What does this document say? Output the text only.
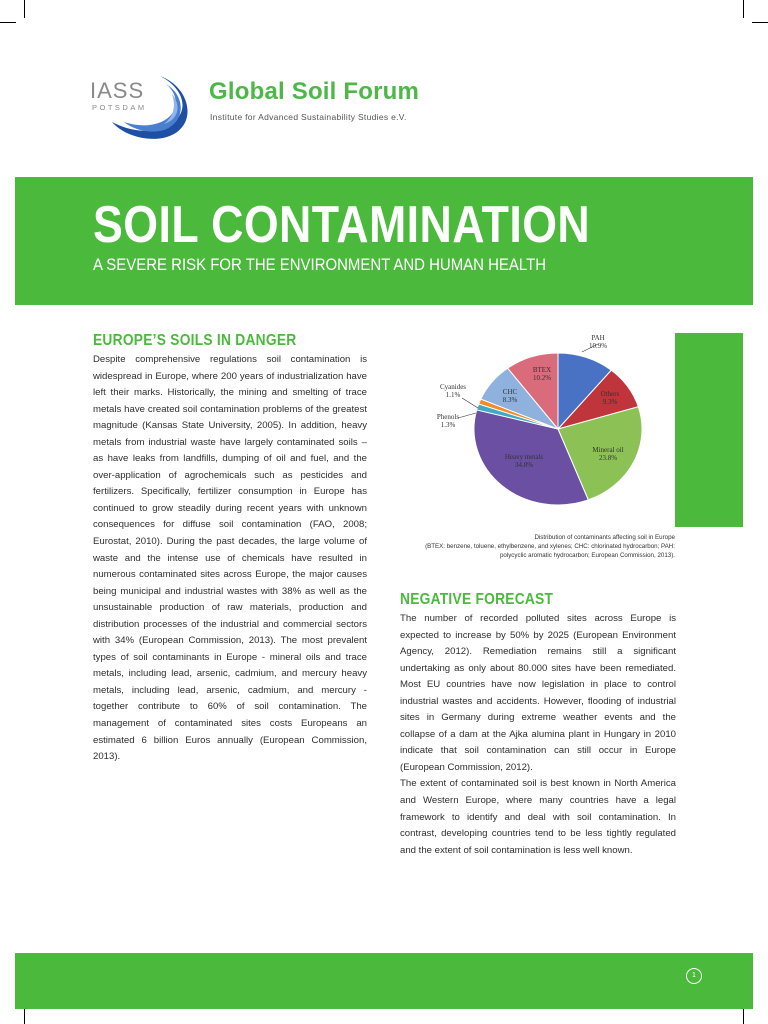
IASS
POTSDAM
Global Soil Forum
Institute for Advanced Sustainability Studies e.V.
SOIL CONTAMINATION
A SEVERE RISK FOR THE ENVIRONMENT AND HUMAN HEALTH
EUROPE’S SOILS IN DANGER

Despite comprehensive regulations soil contamination is widespread in Europe, where 200 years of industrialization have left their marks. Historically, the mining and smelting of trace metals have created soil contamination problems of the greatest magnitude (Kansas State University, 2005). In addition, heavy metals from industrial waste have largely contaminated soils – as have leaks from landfills, dumping of oil and fuel, and the over-application of agrochemicals such as pesticides and fertilizers. Specifically, fertilizer consumption in Europe has continued to grow steadily during recent years with unknown consequences for diffuse soil contamination (FAO, 2008; Eurostat, 2010). During the past decades, the large volume of waste and the intense use of chemicals have resulted in numerous contaminated sites across Europe, the major causes being municipal and industrial wastes with 38% as well as the unsustainable production of raw materials, production and distribution processes of the industrial and commercial sectors with 34% (European Commission, 2013). The most prevalent types of soil contaminants in Europe - mineral oils and trace metals, including lead, arsenic, cadmium, and mercury heavy metals, including lead, arsenic, cadmium, and mercury - together contribute to 60% of soil contamination. The management of contaminated sites costs Europeans an estimated 6 billion Euros annually (European Commission, 2013).

PAH
10.9%
Others
9.3%
Mineral oil
23.8%
Heavy metals
34.8%
Phenols
1.3%
Cyanides
1.1%	CHC
8.3%
BTEX
10.2%
Distribution of contaminants affecting soil in Europe
(BTEX: benzene, toluene, ethylbenzene, and xylenes; CHC: chlorinated hydrocarbon; PAH:
polycyclic aromatic hydrocarbon; European Commission, 2013).
NEGATIVE FORECAST

The number of recorded polluted sites across Europe is expected to increase by 50% by 2025 (European Environment Agency, 2012). Remediation remains still a significant undertaking as only about 80.000 sites have been remediated. Most EU countries have now legislation in place to control industrial wastes and accidents. However, flooding of industrial sites in Germany during extreme weather events and the collapse of a dam at the Ajka alumina plant in Hungary in 2010 indicate that soil contamination can still occur in Europe (European Commission, 2012).

The extent of contaminated soil is best known in North America and Western Europe, where many countries have a legal framework to identify and deal with soil contamination. In contrast, developing countries tend to be less tightly regulated and the extent of soil contamination is less well known.

1
